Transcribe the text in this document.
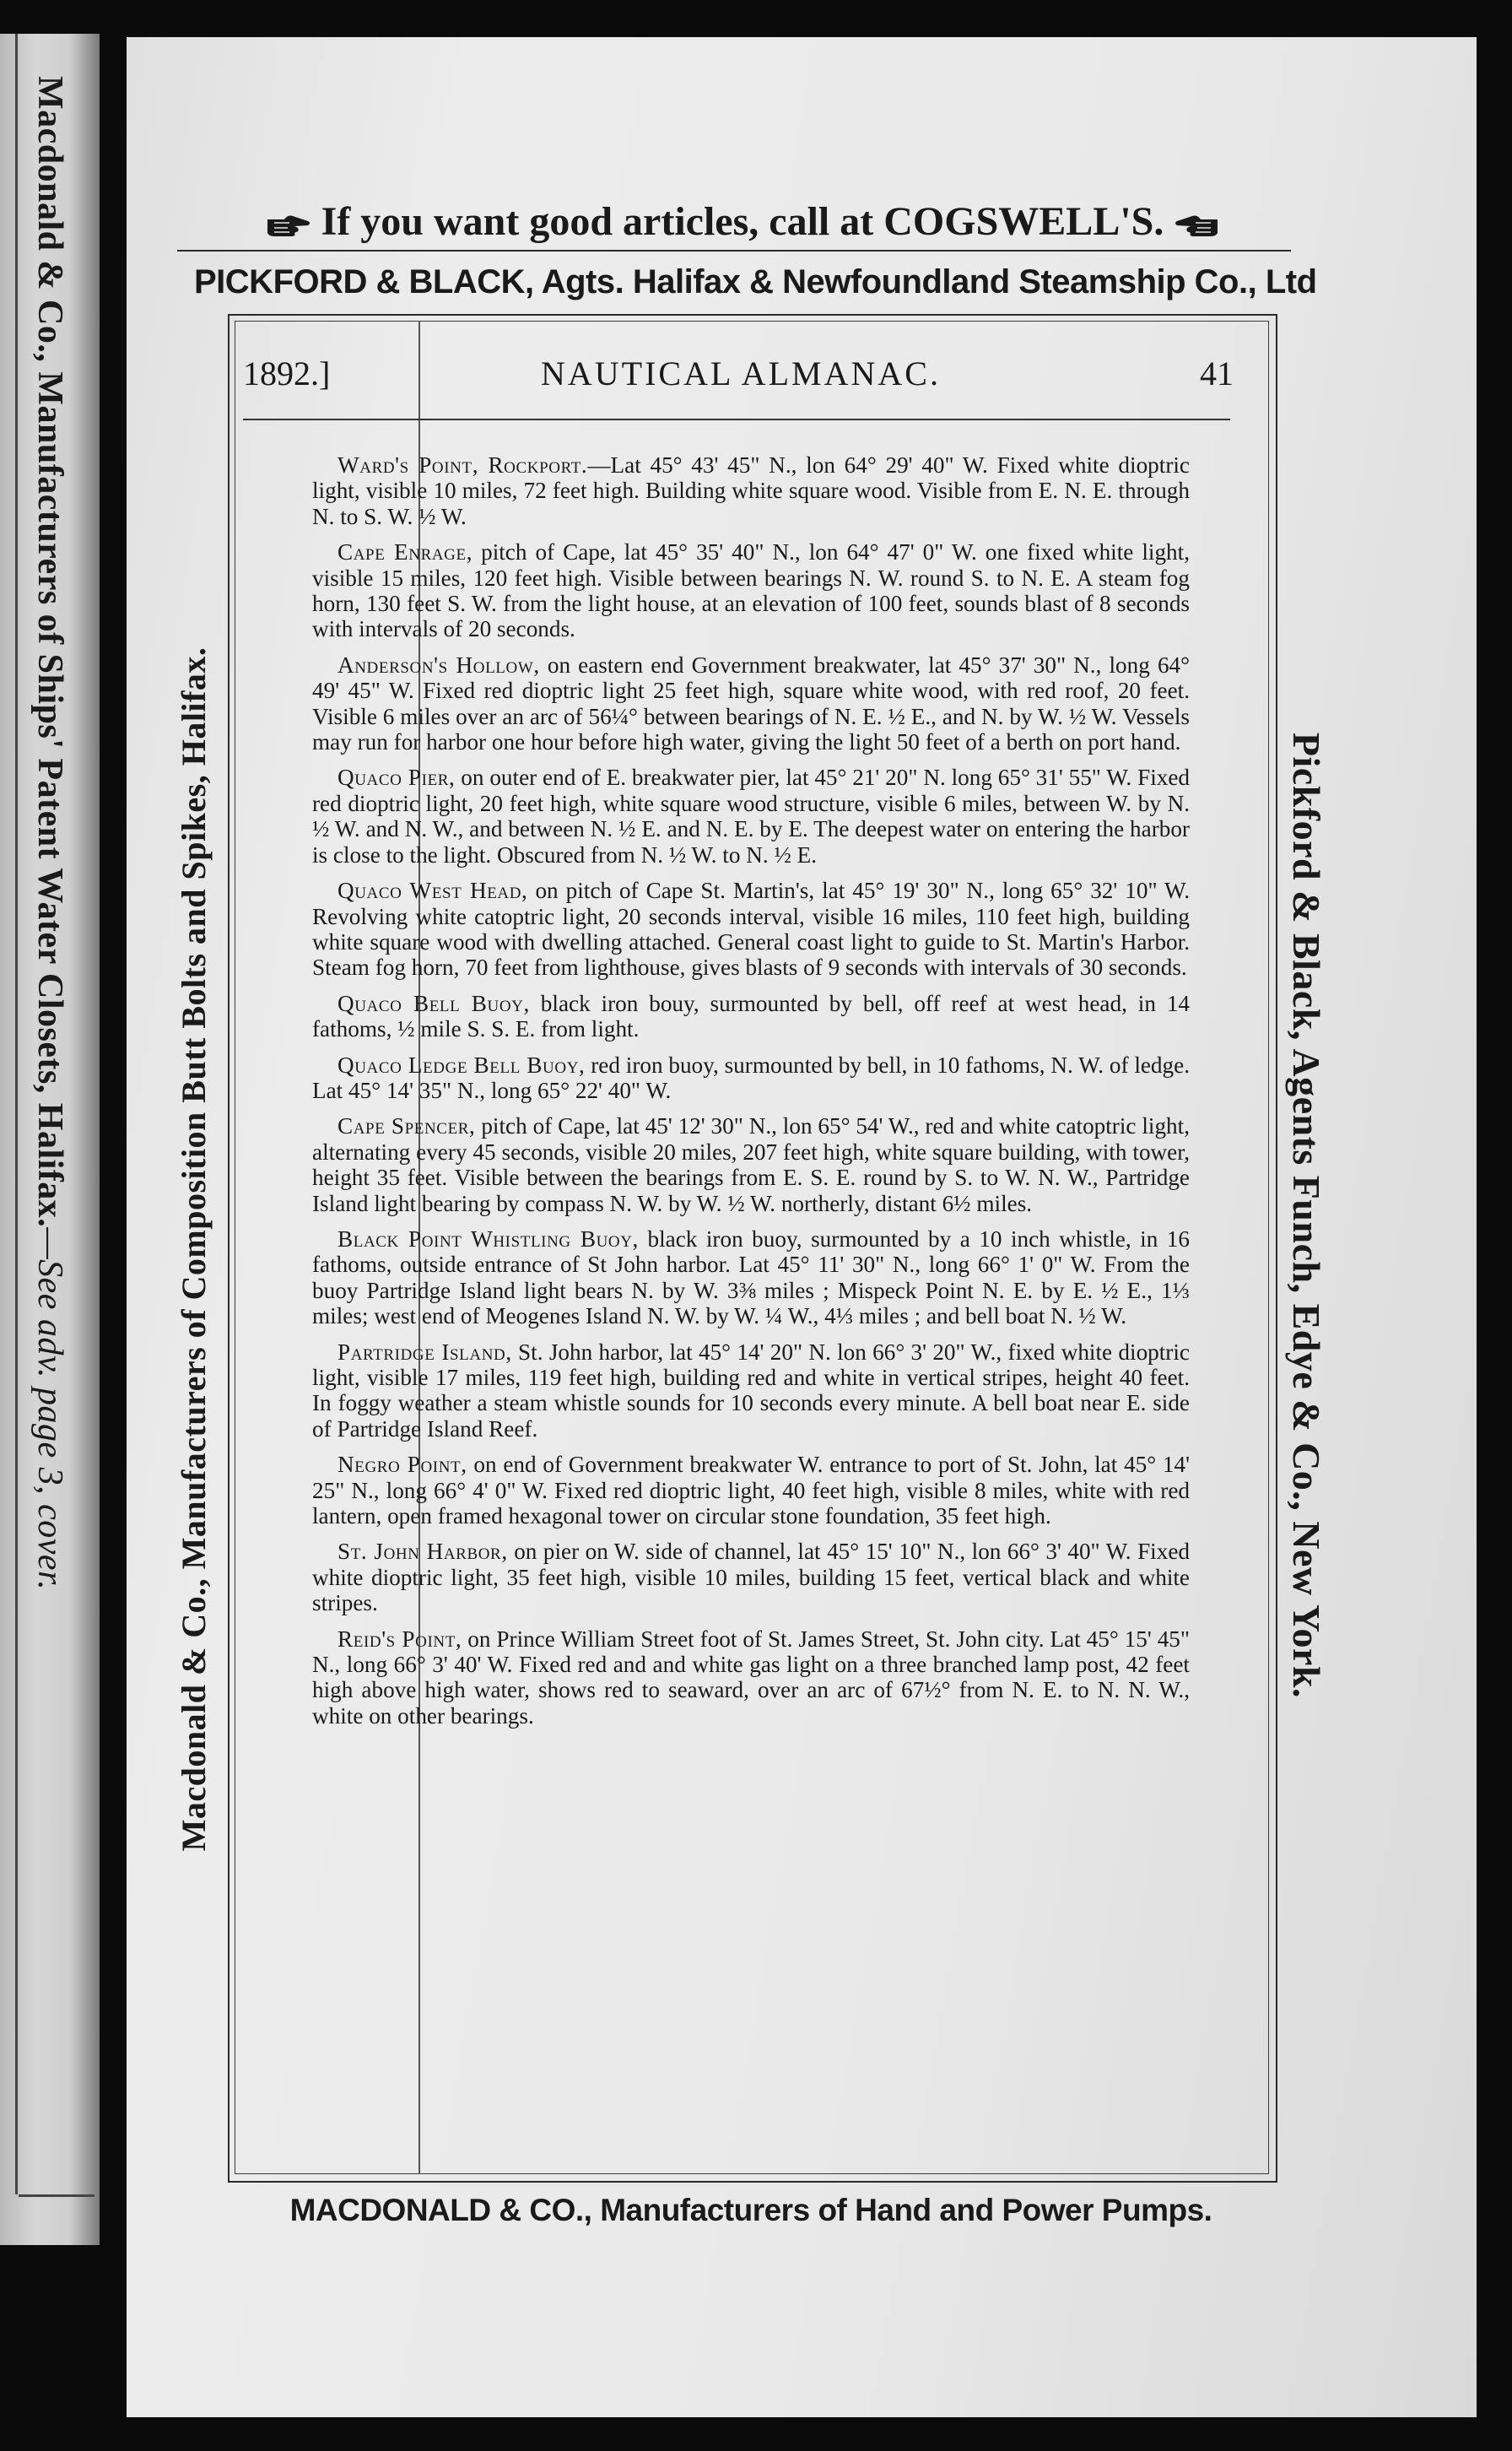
Macdonald & Co., Manufacturers of Ships' Patent Water Closets, Halifax.—See adv. page 3, cover.
If you want good articles, call at COGSWELL'S.
PICKFORD & BLACK, Agts. Halifax & Newfoundland Steamship Co., Ltd
Macdonald & Co., Manufacturers of Composition Butt Bolts and Spikes, Halifax.	Pickford & Black, Agents Funch, Edye & Co., New York.
1892.]	NAUTICAL ALMANAC.	41

Ward's Point, Rockport.—Lat 45° 43' 45" N., lon 64° 29' 40" W. Fixed white dioptric light, visible 10 miles, 72 feet high. Building white square wood. Visible from E. N. E. through N. to S. W. ½ W.

Cape Enrage, pitch of Cape, lat 45° 35' 40" N., lon 64° 47' 0" W. one fixed white light, visible 15 miles, 120 feet high. Visible between bearings N. W. round S. to N. E. A steam fog horn, 130 feet S. W. from the light house, at an elevation of 100 feet, sounds blast of 8 seconds with intervals of 20 seconds.

Anderson's Hollow, on eastern end Government breakwater, lat 45° 37' 30" N., long 64° 49' 45" W. Fixed red dioptric light 25 feet high, square white wood, with red roof, 20 feet. Visible 6 miles over an arc of 56¼° between bearings of N. E. ½ E., and N. by W. ½ W. Vessels may run for harbor one hour before high water, giving the light 50 feet of a berth on port hand.

Quaco Pier, on outer end of E. breakwater pier, lat 45° 21' 20" N. long 65° 31' 55" W. Fixed red dioptric light, 20 feet high, white square wood structure, visible 6 miles, between W. by N. ½ W. and N. W., and between N. ½ E. and N. E. by E. The deepest water on entering the harbor is close to the light. Obscured from N. ½ W. to N. ½ E.

Quaco West Head, on pitch of Cape St. Martin's, lat 45° 19' 30" N., long 65° 32' 10" W. Revolving white catoptric light, 20 seconds interval, visible 16 miles, 110 feet high, building white square wood with dwelling attached. General coast light to guide to St. Martin's Harbor. Steam fog horn, 70 feet from lighthouse, gives blasts of 9 seconds with intervals of 30 seconds.

Quaco Bell Buoy, black iron bouy, surmounted by bell, off reef at west head, in 14 fathoms, ½ mile S. S. E. from light.

Quaco Ledge Bell Buoy, red iron buoy, surmounted by bell, in 10 fathoms, N. W. of ledge. Lat 45° 14' 35" N., long 65° 22' 40" W.

Cape Spencer, pitch of Cape, lat 45' 12' 30" N., lon 65° 54' W., red and white catoptric light, alternating every 45 seconds, visible 20 miles, 207 feet high, white square building, with tower, height 35 feet. Visible between the bearings from E. S. E. round by S. to W. N. W., Partridge Island light bearing by compass N. W. by W. ½ W. northerly, distant 6½ miles.

Black Point Whistling Buoy, black iron buoy, surmounted by a 10 inch whistle, in 16 fathoms, outside entrance of St John harbor. Lat 45° 11' 30" N., long 66° 1' 0" W. From the buoy Partridge Island light bears N. by W. 3⅜ miles ; Mispeck Point N. E. by E. ½ E., 1⅓ miles; west end of Meogenes Island N. W. by W. ¼ W., 4⅓ miles ; and bell boat N. ½ W.

Partridge Island, St. John harbor, lat 45° 14' 20" N. lon 66° 3' 20" W., fixed white dioptric light, visible 17 miles, 119 feet high, building red and white in vertical stripes, height 40 feet. In foggy weather a steam whistle sounds for 10 seconds every minute. A bell boat near E. side of Partridge Island Reef.

Negro Point, on end of Government breakwater W. entrance to port of St. John, lat 45° 14' 25" N., long 66° 4' 0" W. Fixed red dioptric light, 40 feet high, visible 8 miles, white with red lantern, open framed hexagonal tower on circular stone foundation, 35 feet high.

St. John Harbor, on pier on W. side of channel, lat 45° 15' 10" N., lon 66° 3' 40" W. Fixed white dioptric light, 35 feet high, visible 10 miles, building 15 feet, vertical black and white stripes.

Reid's Point, on Prince William Street foot of St. James Street, St. John city. Lat 45° 15' 45" N., long 66° 3' 40' W. Fixed red and and white gas light on a three branched lamp post, 42 feet high above high water, shows red to seaward, over an arc of 67½° from N. E. to N. N. W., white on other bearings.

MACDONALD & CO., Manufacturers of Hand and Power Pumps.
